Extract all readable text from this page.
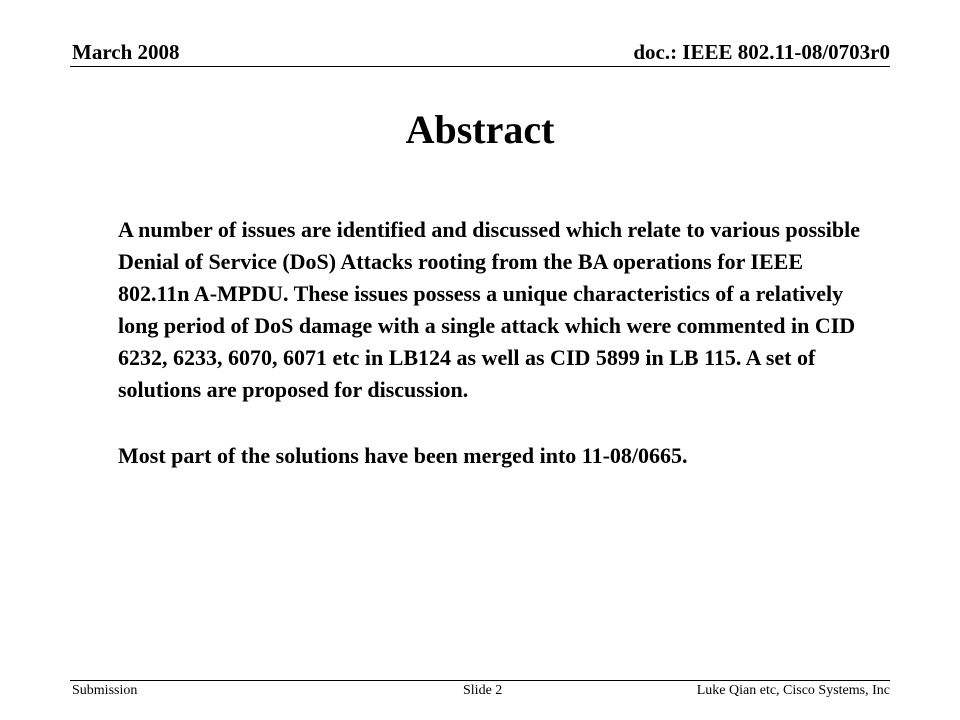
March 2008	doc.: IEEE 802.11-08/0703r0
Abstract

A number of issues are identified and discussed which relate to various possible Denial of Service (DoS) Attacks rooting from the BA operations for IEEE 802.11n A-MPDU. These issues possess a unique characteristics of a relatively long period of DoS damage with a single attack which were commented in CID 6232, 6233, 6070, 6071 etc in LB124 as well as CID 5899 in LB 115. A set of solutions are proposed for discussion.

Most part of the solutions have been merged into 11-08/0665.

Submission	Slide 2	Luke Qian etc, Cisco Systems, Inc
